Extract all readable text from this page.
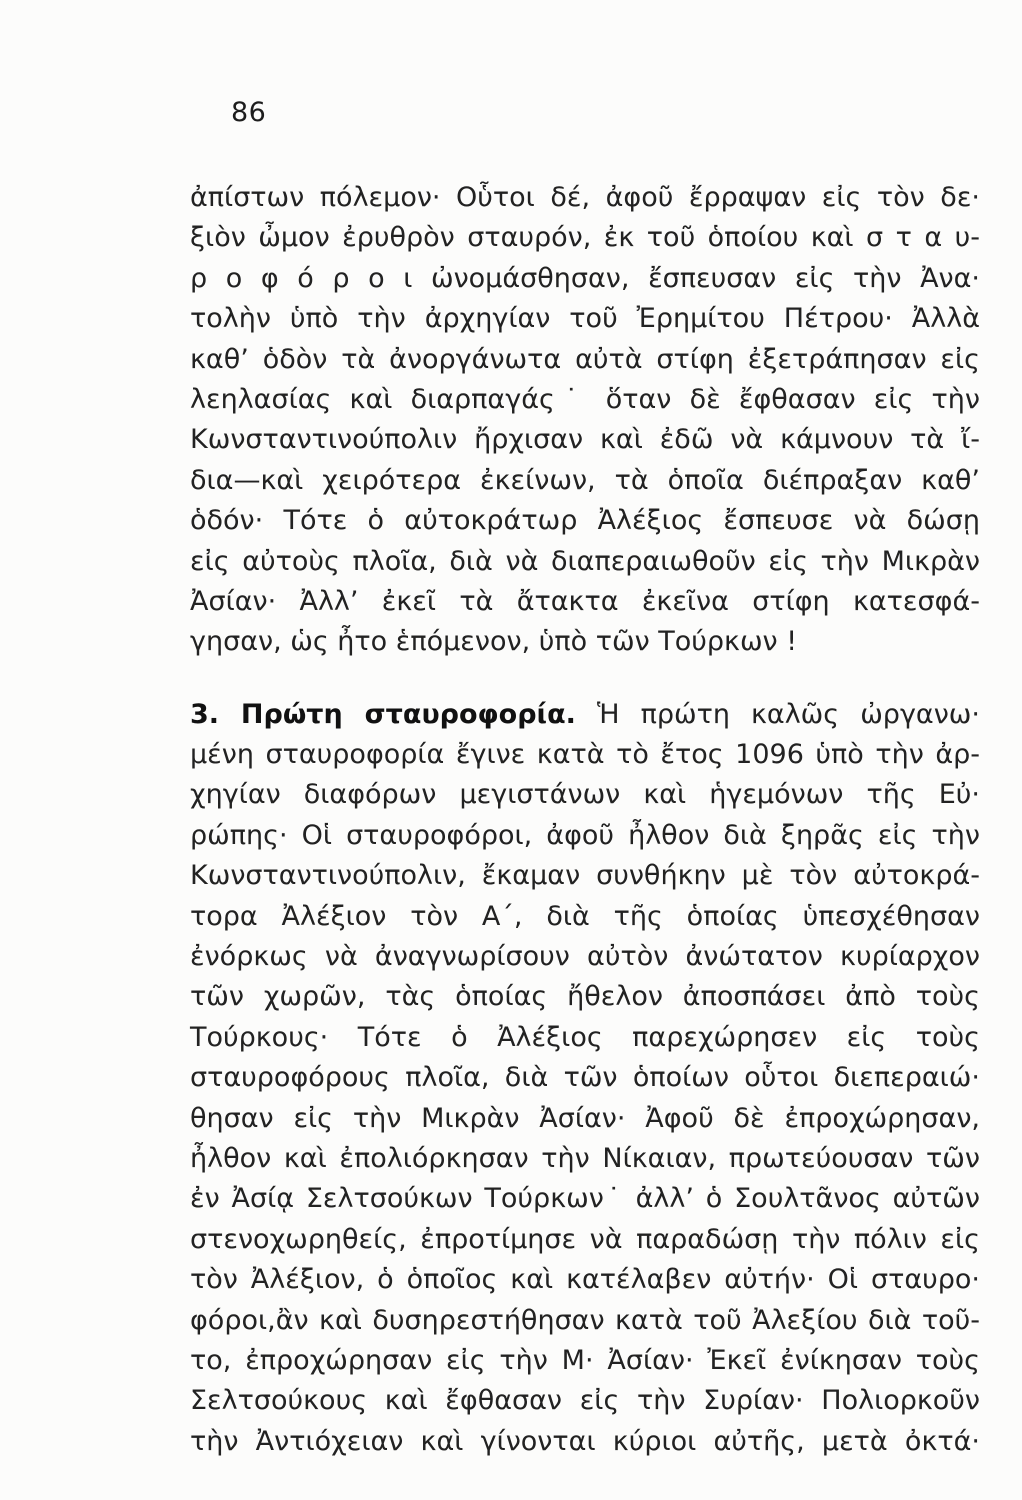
86
ἀπίστων πόλεμον· Οὗτοι δέ, ἀφοῦ ἔρραψαν εἰς τὸν δε·
ξιὸν ὦμον ἐρυθρὸν σταυρόν, ἐκ τοῦ ὁποίου καὶ σ τ α υ-
ρ ο φ ό ρ ο ι ὠνομάσθησαν, ἔσπευσαν εἰς τὴν Ἀνα·
τολὴν ὑπὸ τὴν ἀρχηγίαν τοῦ Ἐρημίτου Πέτρου· Ἀλλὰ
καθ’ ὁδὸν τὰ ἀνοργάνωτα αὐτὰ στίφη ἐξετράπησαν εἰς
λεηλασίας καὶ διαρπαγάς˙ ὅταν δὲ ἔφθασαν εἰς τὴν
Κωνσταντινούπολιν ἤρχισαν καὶ ἐδῶ νὰ κάμνουν τὰ ἴ-
δια—καὶ χειρότερα ἐκείνων, τὰ ὁποῖα διέπραξαν καθ’
ὁδόν· Τότε ὁ αὐτοκράτωρ Ἀλέξιος ἔσπευσε νὰ δώσῃ
εἰς αὐτοὺς πλοῖα, διὰ νὰ διαπεραιωθοῦν εἰς τὴν Μικρὰν
Ἀσίαν· Ἀλλ’ ἐκεῖ τὰ ἄτακτα ἐκεῖνα στίφη κατεσφά-
γησαν, ὡς ἦτο ἑπόμενον, ὑπὸ τῶν Τούρκων !
3. Πρώτη σταυροφορία. Ἡ πρώτη καλῶς ὠργανω·
μένη σταυροφορία ἔγινε κατὰ τὸ ἔτος 1096 ὑπὸ τὴν ἀρ-
χηγίαν διαφόρων μεγιστάνων καὶ ἡγεμόνων τῆς Εὐ·
ρώπης· Οἱ σταυροφόροι, ἀφοῦ ἦλθον διὰ ξηρᾶς εἰς τὴν
Κωνσταντινούπολιν, ἔκαμαν συνθήκην μὲ τὸν αὐτοκρά-
τορα Ἀλέξιον τὸν Α΄, διὰ τῆς ὁποίας ὑπεσχέθησαν
ἐνόρκως νὰ ἀναγνωρίσουν αὐτὸν ἀνώτατον κυρίαρχον
τῶν χωρῶν, τὰς ὁποίας ἤθελον ἀποσπάσει ἀπὸ τοὺς
Τούρκους· Τότε ὁ Ἀλέξιος παρεχώρησεν εἰς τοὺς
σταυροφόρους πλοῖα, διὰ τῶν ὁποίων οὗτοι διεπεραιώ·
θησαν εἰς τὴν Μικρὰν Ἀσίαν· Ἀφοῦ δὲ ἐπροχώρησαν,
ἦλθον καὶ ἐπολιόρκησαν τὴν Νίκαιαν, πρωτεύουσαν τῶν
ἐν Ἀσίᾳ Σελτσούκων Τούρκων˙ ἀλλ’ ὁ Σουλτᾶνος αὐτῶν
στενοχωρηθείς, ἐπροτίμησε νὰ παραδώσῃ τὴν πόλιν εἰς
τὸν Ἀλέξιον, ὁ ὁποῖος καὶ κατέλαβεν αὐτήν· Οἱ σταυρο·
φόροι,ἂν καὶ δυσηρεστήθησαν κατὰ τοῦ Ἀλεξίου διὰ τοῦ-
το, ἐπροχώρησαν εἰς τὴν Μ· Ἀσίαν· Ἐκεῖ ἐνίκησαν τοὺς
Σελτσούκους καὶ ἔφθασαν εἰς τὴν Συρίαν· Πολιορκοῦν
τὴν Ἀντιόχειαν καὶ γίνονται κύριοι αὐτῆς, μετὰ ὀκτά·
